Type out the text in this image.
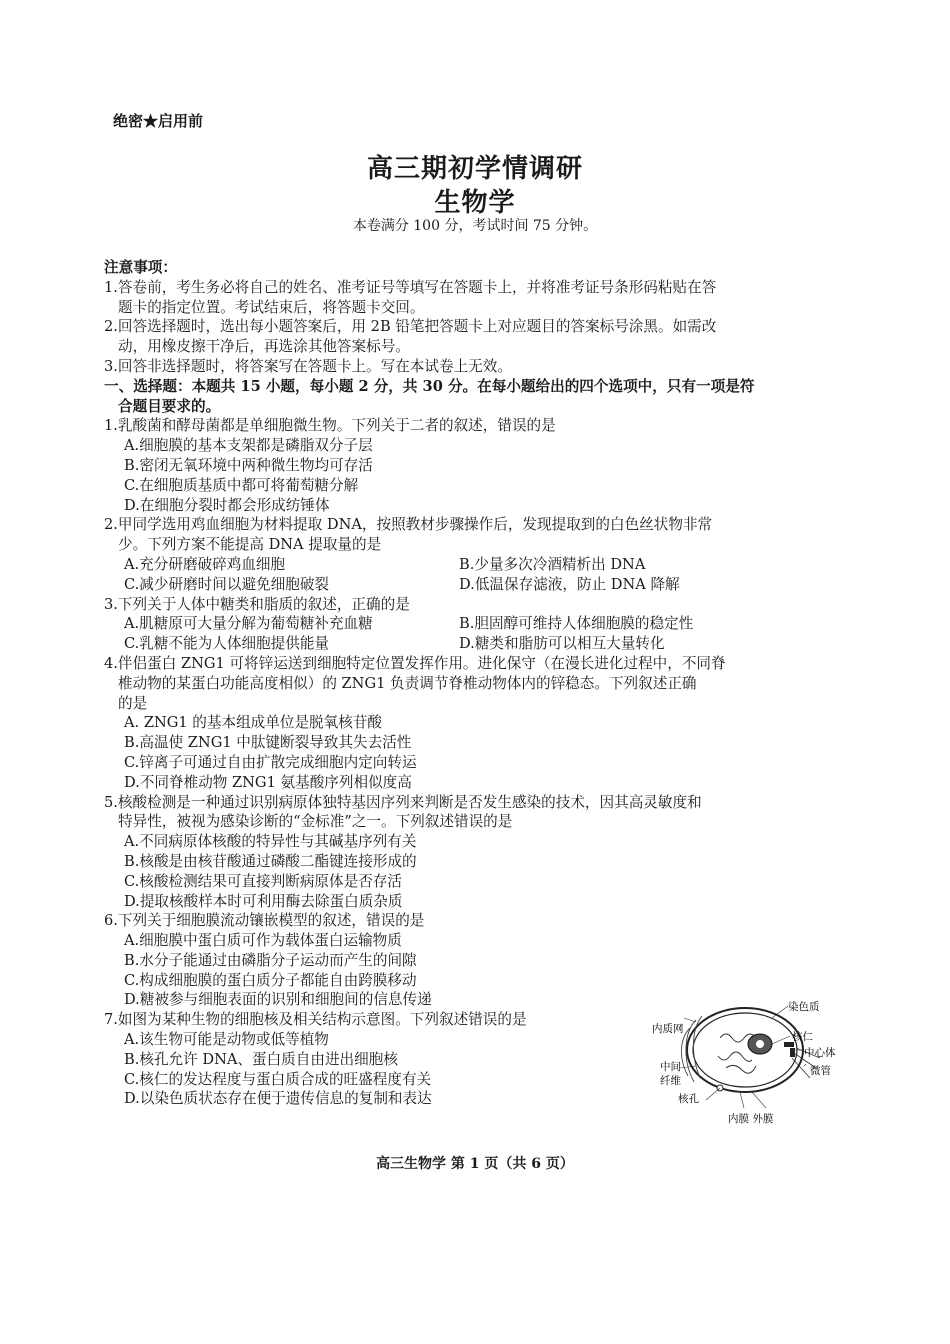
绝密★启用前
高三期初学情调研
生物学
本卷满分 100 分，考试时间 75 分钟。
注意事项：
1.答卷前，考生务必将自己的姓名、准考证号等填写在答题卡上，并将准考证号条形码粘贴在答
题卡的指定位置。考试结束后，将答题卡交回。
2.回答选择题时，选出每小题答案后，用 2B 铅笔把答题卡上对应题目的答案标号涂黑。如需改
动，用橡皮擦干净后，再选涂其他答案标号。
3.回答非选择题时，将答案写在答题卡上。写在本试卷上无效。
一、选择题：本题共 15 小题，每小题 2 分，共 30 分。在每小题给出的四个选项中，只有一项是符
合题目要求的。
1.乳酸菌和酵母菌都是单细胞微生物。下列关于二者的叙述，错误的是
A.细胞膜的基本支架都是磷脂双分子层
B.密闭无氧环境中两种微生物均可存活
C.在细胞质基质中都可将葡萄糖分解
D.在细胞分裂时都会形成纺锤体
2.甲同学选用鸡血细胞为材料提取 DNA，按照教材步骤操作后，发现提取到的白色丝状物非常
少。下列方案不能提高 DNA 提取量的是
A.充分研磨破碎鸡血细胞	B.少量多次冷酒精析出 DNA
C.减少研磨时间以避免细胞破裂	D.低温保存滤液，防止 DNA 降解
3.下列关于人体中糖类和脂质的叙述，正确的是
A.肌糖原可大量分解为葡萄糖补充血糖	B.胆固醇可维持人体细胞膜的稳定性
C.乳糖不能为人体细胞提供能量	D.糖类和脂肪可以相互大量转化
4.伴侣蛋白 ZNG1 可将锌运送到细胞特定位置发挥作用。进化保守（在漫长进化过程中，不同脊
椎动物的某蛋白功能高度相似）的 ZNG1 负责调节脊椎动物体内的锌稳态。下列叙述正确
的是
A. ZNG1 的基本组成单位是脱氧核苷酸
B.高温使 ZNG1 中肽键断裂导致其失去活性
C.锌离子可通过自由扩散完成细胞内定向转运
D.不同脊椎动物 ZNG1 氨基酸序列相似度高
5.核酸检测是一种通过识别病原体独特基因序列来判断是否发生感染的技术，因其高灵敏度和
特异性，被视为感染诊断的“金标准”之一。下列叙述错误的是
A.不同病原体核酸的特异性与其碱基序列有关
B.核酸是由核苷酸通过磷酸二酯键连接形成的
C.核酸检测结果可直接判断病原体是否存活
D.提取核酸样本时可利用酶去除蛋白质杂质
6.下列关于细胞膜流动镶嵌模型的叙述，错误的是
A.细胞膜中蛋白质可作为载体蛋白运输物质
B.水分子能通过由磷脂分子运动而产生的间隙
C.构成细胞膜的蛋白质分子都能自由跨膜移动
D.糖被参与细胞表面的识别和细胞间的信息传递
7.如图为某种生物的细胞核及相关结构示意图。下列叙述错误的是
A.该生物可能是动物或低等植物
B.核孔允许 DNA、蛋白质自由进出细胞核
C.核仁的发达程度与蛋白质合成的旺盛程度有关
D.以染色质状态存在便于遗传信息的复制和表达
染色质
内质网
核仁
中心体
微管
中间
纤维
核孔
内膜 外膜
高三生物学 第 1 页（共 6 页）
